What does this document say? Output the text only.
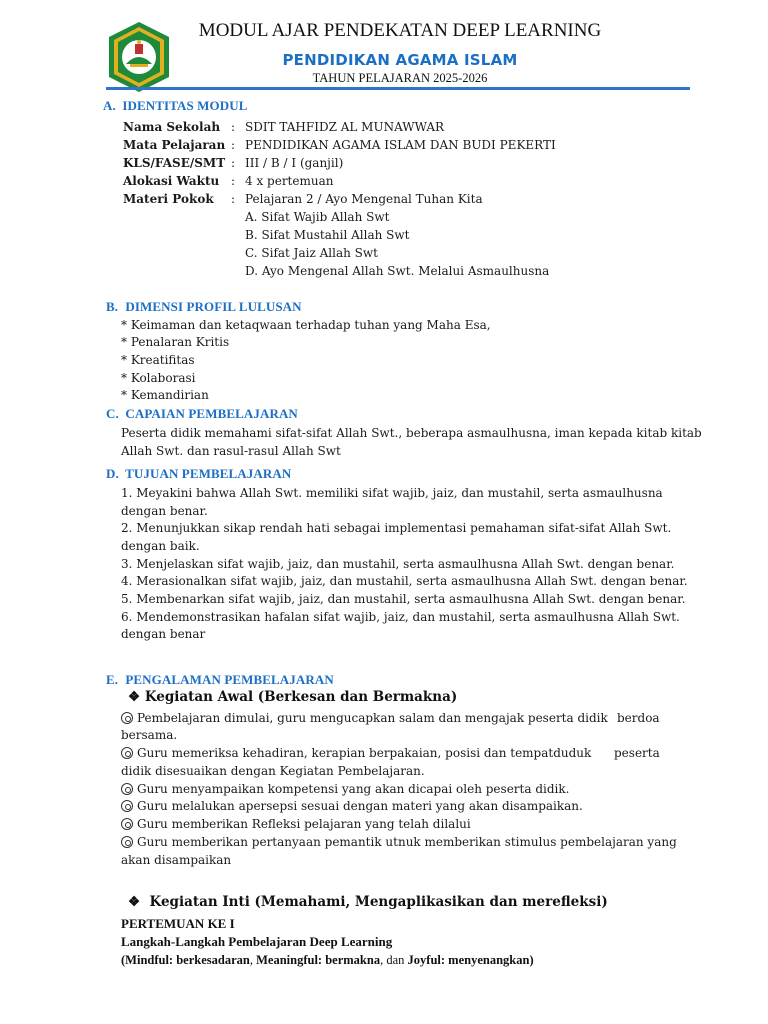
MODUL AJAR PENDEKATAN DEEP LEARNING
PENDIDIKAN AGAMA ISLAM
TAHUN PELAJARAN 2025-2026
A. IDENTITAS MODUL
Nama Sekolah : SDIT TAHFIDZ AL MUNAWWAR
Mata Pelajaran : PENDIDIKAN AGAMA ISLAM DAN BUDI PEKERTI
KLS/FASE/SMT : III / B / I (ganjil)
Alokasi Waktu : 4 x pertemuan
Materi Pokok : Pelajaran 2 / Ayo Mengenal Tuhan Kita
A. Sifat Wajib Allah Swt
B. Sifat Mustahil Allah Swt
C. Sifat Jaiz Allah Swt
D. Ayo Mengenal Allah Swt. Melalui Asmaulhusna
B. DIMENSI PROFIL LULUSAN
* Keimaman dan ketaqwaan terhadap tuhan yang Maha Esa,
* Penalaran Kritis
* Kreatifitas
* Kolaborasi
* Kemandirian
C. CAPAIAN PEMBELAJARAN
Peserta didik memahami sifat-sifat Allah Swt., beberapa asmaulhusna, iman kepada kitab kitab
Allah Swt. dan rasul-rasul Allah Swt
D. TUJUAN PEMBELAJARAN
1. Meyakini bahwa Allah Swt. memiliki sifat wajib, jaiz, dan mustahil, serta asmaulhusna
dengan benar.
2. Menunjukkan sikap rendah hati sebagai implementasi pemahaman sifat-sifat Allah Swt.
dengan baik.
3. Menjelaskan sifat wajib, jaiz, dan mustahil, serta asmaulhusna Allah Swt. dengan benar.
4. Merasionalkan sifat wajib, jaiz, dan mustahil, serta asmaulhusna Allah Swt. dengan benar.
5. Membenarkan sifat wajib, jaiz, dan mustahil, serta asmaulhusna Allah Swt. dengan benar.
6. Mendemonstrasikan hafalan sifat wajib, jaiz, dan mustahil, serta asmaulhusna Allah Swt.
dengan benar
E. PENGALAMAN PEMBELAJARAN
❖ Kegiatan Awal (Berkesan dan Bermakna)
Pembelajaran dimulai, guru mengucapkan salam dan mengajak peserta didik berdoa
bersama.
Guru memeriksa kehadiran, kerapian berpakaian, posisi dan tempatduduk peserta
didik disesuaikan dengan Kegiatan Pembelajaran.
Guru menyampaikan kompetensi yang akan dicapai oleh peserta didik.
Guru melalukan apersepsi sesuai dengan materi yang akan disampaikan.
Guru memberikan Refleksi pelajaran yang telah dilalui
Guru memberikan pertanyaan pemantik utnuk memberikan stimulus pembelajaran yang
akan disampaikan
❖ Kegiatan Inti (Memahami, Mengaplikasikan dan merefleksi)
PERTEMUAN KE I
Langkah-Langkah Pembelajaran Deep Learning
(Mindful: berkesadaran, Meaningful: bermakna, dan Joyful: menyenangkan)
